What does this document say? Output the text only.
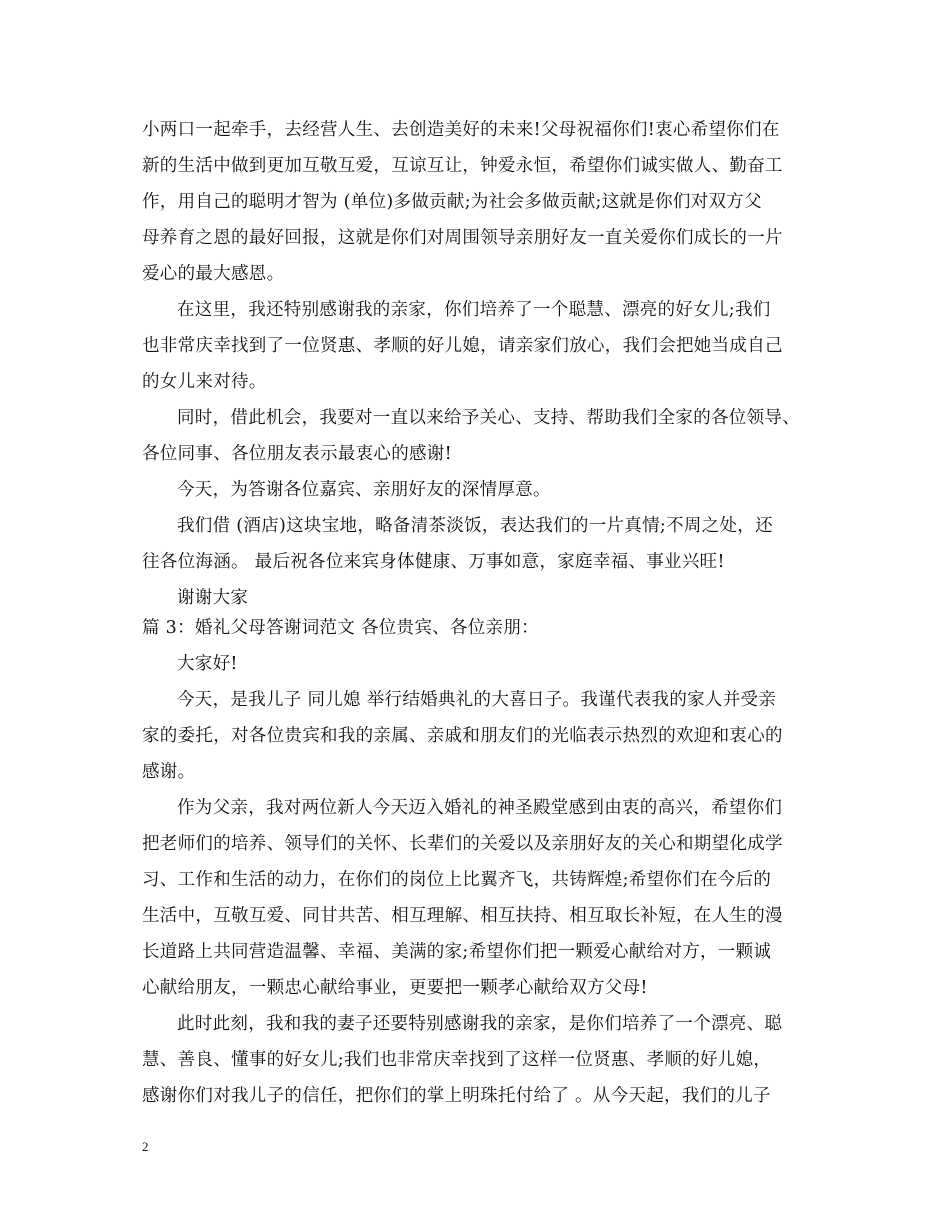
小两口一起牵手，去经营人生、去创造美好的未来!父母祝福你们!衷心希望你们在
新的生活中做到更加互敬互爱，互谅互让，钟爱永恒，希望你们诚实做人、勤奋工
作，用自己的聪明才智为 (单位)多做贡献;为社会多做贡献;这就是你们对双方父
母养育之恩的最好回报，这就是你们对周围领导亲朋好友一直关爱你们成长的一片
爱心的最大感恩。
在这里，我还特别感谢我的亲家，你们培养了一个聪慧、漂亮的好女儿;我们
也非常庆幸找到了一位贤惠、孝顺的好儿媳，请亲家们放心，我们会把她当成自己
的女儿来对待。
同时，借此机会，我要对一直以来给予关心、支持、帮助我们全家的各位领导、
各位同事、各位朋友表示最衷心的感谢!
今天，为答谢各位嘉宾、亲朋好友的深情厚意。
我们借 (酒店)这块宝地，略备清茶淡饭，表达我们的一片真情;不周之处，还
往各位海涵。 最后祝各位来宾身体健康、万事如意，家庭幸福、事业兴旺!
谢谢大家
篇 3：婚礼父母答谢词范文 各位贵宾、各位亲朋：
大家好!
今天，是我儿子 同儿媳 举行结婚典礼的大喜日子。我谨代表我的家人并受亲
家的委托，对各位贵宾和我的亲属、亲戚和朋友们的光临表示热烈的欢迎和衷心的
感谢。
作为父亲，我对两位新人今天迈入婚礼的神圣殿堂感到由衷的高兴，希望你们
把老师们的培养、领导们的关怀、长辈们的关爱以及亲朋好友的关心和期望化成学
习、工作和生活的动力，在你们的岗位上比翼齐飞，共铸辉煌;希望你们在今后的
生活中，互敬互爱、同甘共苦、相互理解、相互扶持、相互取长补短，在人生的漫
长道路上共同营造温馨、幸福、美满的家;希望你们把一颗爱心献给对方，一颗诚
心献给朋友，一颗忠心献给事业，更要把一颗孝心献给双方父母!
此时此刻，我和我的妻子还要特别感谢我的亲家，是你们培养了一个漂亮、聪
慧、善良、懂事的好女儿;我们也非常庆幸找到了这样一位贤惠、孝顺的好儿媳，
感谢你们对我儿子的信任，把你们的掌上明珠托付给了 。从今天起，我们的儿子
2
